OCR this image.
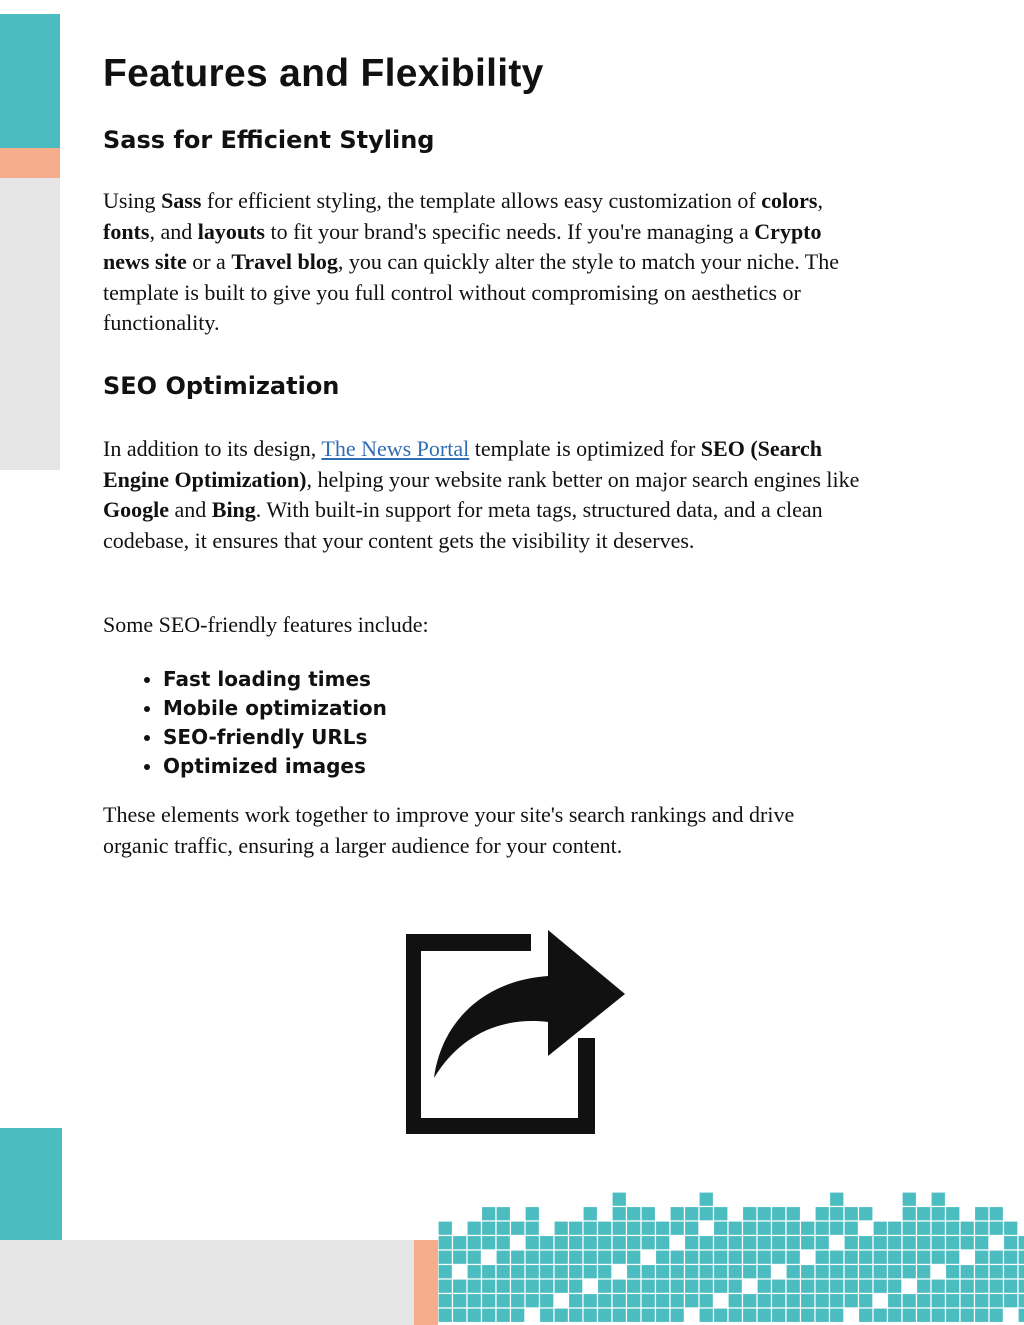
Features and Flexibility
Sass for Efficient Styling

Using Sass for efficient styling, the template allows easy customization of colors, fonts, and layouts to fit your brand's specific needs. If you're managing a Crypto news site or a Travel blog, you can quickly alter the style to match your niche. The template is built to give you full control without compromising on aesthetics or functionality.

SEO Optimization

In addition to its design, The News Portal template is optimized for SEO (Search Engine Optimization), helping your website rank better on major search engines like Google and Bing. With built-in support for meta tags, structured data, and a clean codebase, it ensures that your content gets the visibility it deserves.

Some SEO-friendly features include:

• Fast loading times
• Mobile optimization
• SEO-friendly URLs
• Optimized images

These elements work together to improve your site's search rankings and drive organic traffic, ensuring a larger audience for your content.
